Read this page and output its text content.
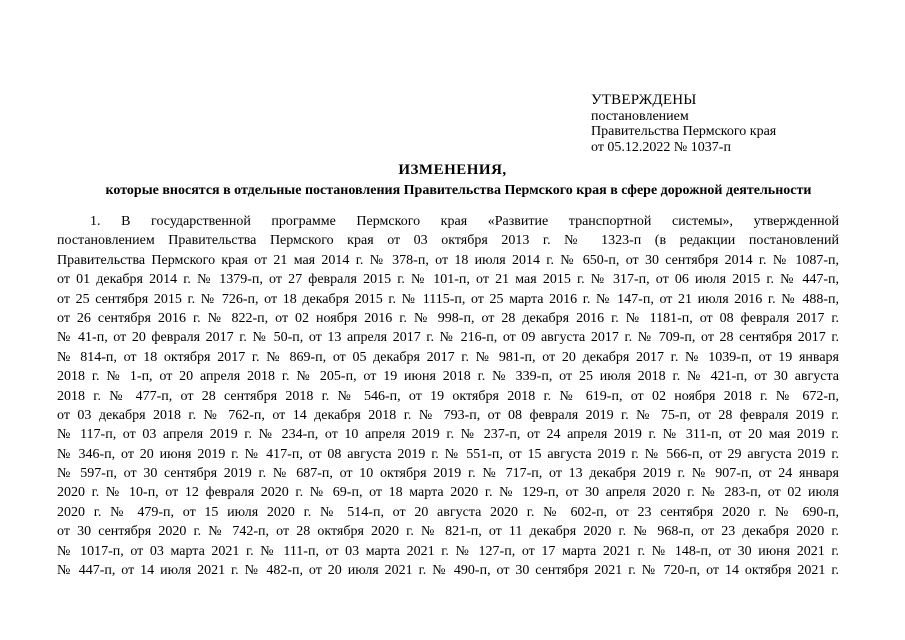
УТВЕРЖДЕНЫ
постановлением
Правительства Пермского края
от 05.12.2022 № 1037-п
ИЗМЕНЕНИЯ,
которые вносятся в отдельные постановления Правительства Пермского края в сфере дорожной деятельности
1. В государственной программе Пермского края «Развитие транспортной системы», утвержденной
постановлением Правительства Пермского края от 03 октября 2013 г. № 1323-п (в редакции постановлений
Правительства Пермского края от 21 мая 2014 г. № 378-п, от 18 июля 2014 г. № 650-п, от 30 сентября 2014 г. № 1087-п,
от 01 декабря 2014 г. № 1379-п, от 27 февраля 2015 г. № 101-п, от 21 мая 2015 г. № 317-п, от 06 июля 2015 г. № 447-п,
от 25 сентября 2015 г. № 726-п, от 18 декабря 2015 г. № 1115-п, от 25 марта 2016 г. № 147-п, от 21 июля 2016 г. № 488-п,
от 26 сентября 2016 г. № 822-п, от 02 ноября 2016 г. № 998-п, от 28 декабря 2016 г. № 1181-п, от 08 февраля 2017 г.
№ 41-п, от 20 февраля 2017 г. № 50-п, от 13 апреля 2017 г. № 216-п, от 09 августа 2017 г. № 709-п, от 28 сентября 2017 г.
№ 814-п, от 18 октября 2017 г. № 869-п, от 05 декабря 2017 г. № 981-п, от 20 декабря 2017 г. № 1039-п, от 19 января
2018 г. № 1-п, от 20 апреля 2018 г. № 205-п, от 19 июня 2018 г. № 339-п, от 25 июля 2018 г. № 421-п, от 30 августа
2018 г. № 477-п, от 28 сентября 2018 г. № 546-п, от 19 октября 2018 г. № 619-п, от 02 ноября 2018 г. № 672-п,
от 03 декабря 2018 г. № 762-п, от 14 декабря 2018 г. № 793-п, от 08 февраля 2019 г. № 75-п, от 28 февраля 2019 г.
№ 117-п, от 03 апреля 2019 г. № 234-п, от 10 апреля 2019 г. № 237-п, от 24 апреля 2019 г. № 311-п, от 20 мая 2019 г.
№ 346-п, от 20 июня 2019 г. № 417-п, от 08 августа 2019 г. № 551-п, от 15 августа 2019 г. № 566-п, от 29 августа 2019 г.
№ 597-п, от 30 сентября 2019 г. № 687-п, от 10 октября 2019 г. № 717-п, от 13 декабря 2019 г. № 907-п, от 24 января
2020 г. № 10-п, от 12 февраля 2020 г. № 69-п, от 18 марта 2020 г. № 129-п, от 30 апреля 2020 г. № 283-п, от 02 июля
2020 г. № 479-п, от 15 июля 2020 г. № 514-п, от 20 августа 2020 г. № 602-п, от 23 сентября 2020 г. № 690-п,
от 30 сентября 2020 г. № 742-п, от 28 октября 2020 г. № 821-п, от 11 декабря 2020 г. № 968-п, от 23 декабря 2020 г.
№ 1017-п, от 03 марта 2021 г. № 111-п, от 03 марта 2021 г. № 127-п, от 17 марта 2021 г. № 148-п, от 30 июня 2021 г.
№ 447-п, от 14 июля 2021 г. № 482-п, от 20 июля 2021 г. № 490-п, от 30 сентября 2021 г. № 720-п, от 14 октября 2021 г.
